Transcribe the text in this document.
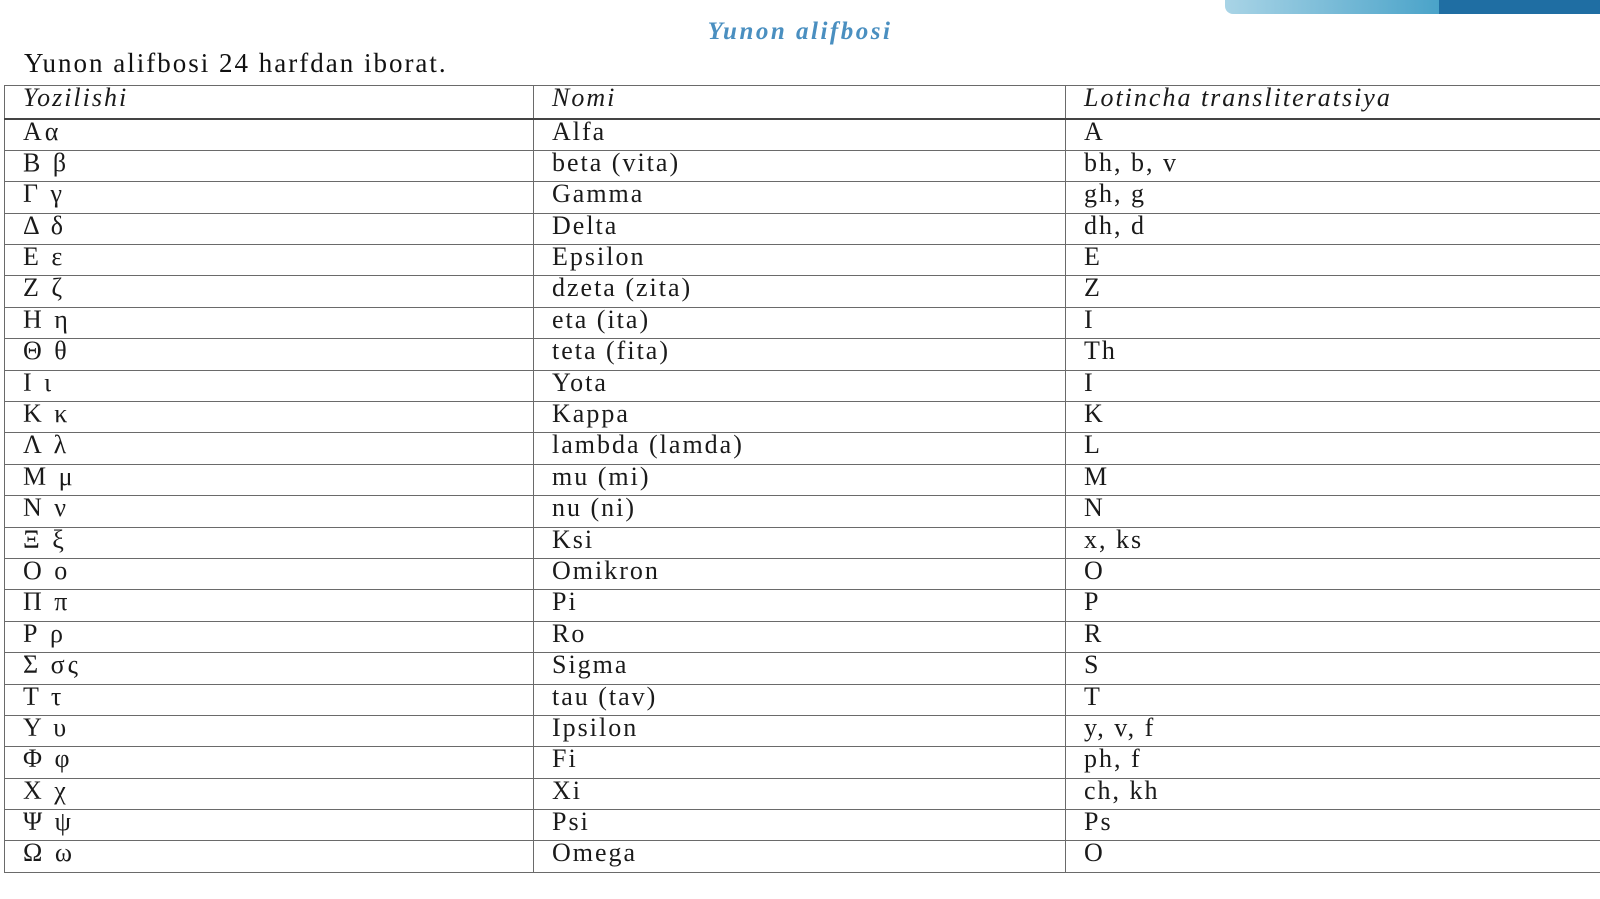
Yunon alifbosi
Yunon alifbosi 24 harfdan iborat.
Yozilishi	Nomi	Lotincha transliteratsiya
Αα	Alfa	A
Β β	beta (vita)	bh, b, v
Γ γ	Gamma	gh, g
Δ δ	Delta	dh, d
Ε ε	Epsilon	E
Ζ ζ	dzeta (zita)	Z
Η η	eta (ita)	I
Θ θ	teta (fita)	Th
Ι ι	Yota	I
Κ κ	Kappa	K
Λ λ	lambda (lamda)	L
Μ μ	mu (mi)	M
Ν ν	nu (ni)	N
Ξ ξ	Ksi	x, ks
Ο ο	Omikron	O
Π π	Pi	P
Ρ ρ	Ro	R
Σ σς	Sigma	S
Τ τ	tau (tav)	T
Υ υ	Ipsilon	y, v, f
Φ φ	Fi	ph, f
Χ χ	Xi	ch, kh
Ψ ψ	Psi	Ps
Ω ω	Omega	O
